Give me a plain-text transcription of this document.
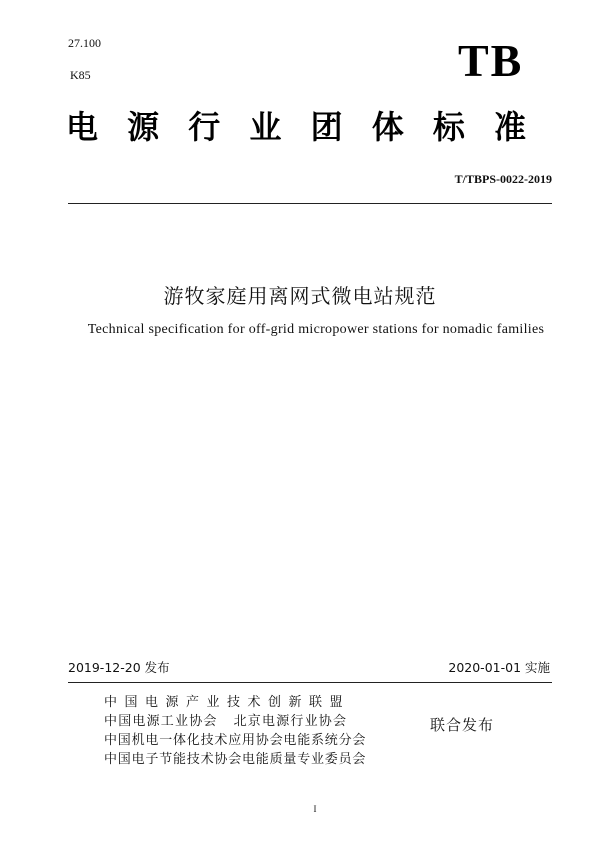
27.100
K85	TB
电 源 行 业 团 体 标 准
T/TBPS-0022-2019
游牧家庭用离网式微电站规范
Technical specification for off-grid micropower stations for nomadic families
2019-12-20 发布	2020-01-01 实施
中国电源产业技术创新联盟
中国电源工业协会   北京电源行业协会
中国机电一体化技术应用协会电能系统分会
中国电子节能技术协会电能质量专业委员会
联合发布
I
